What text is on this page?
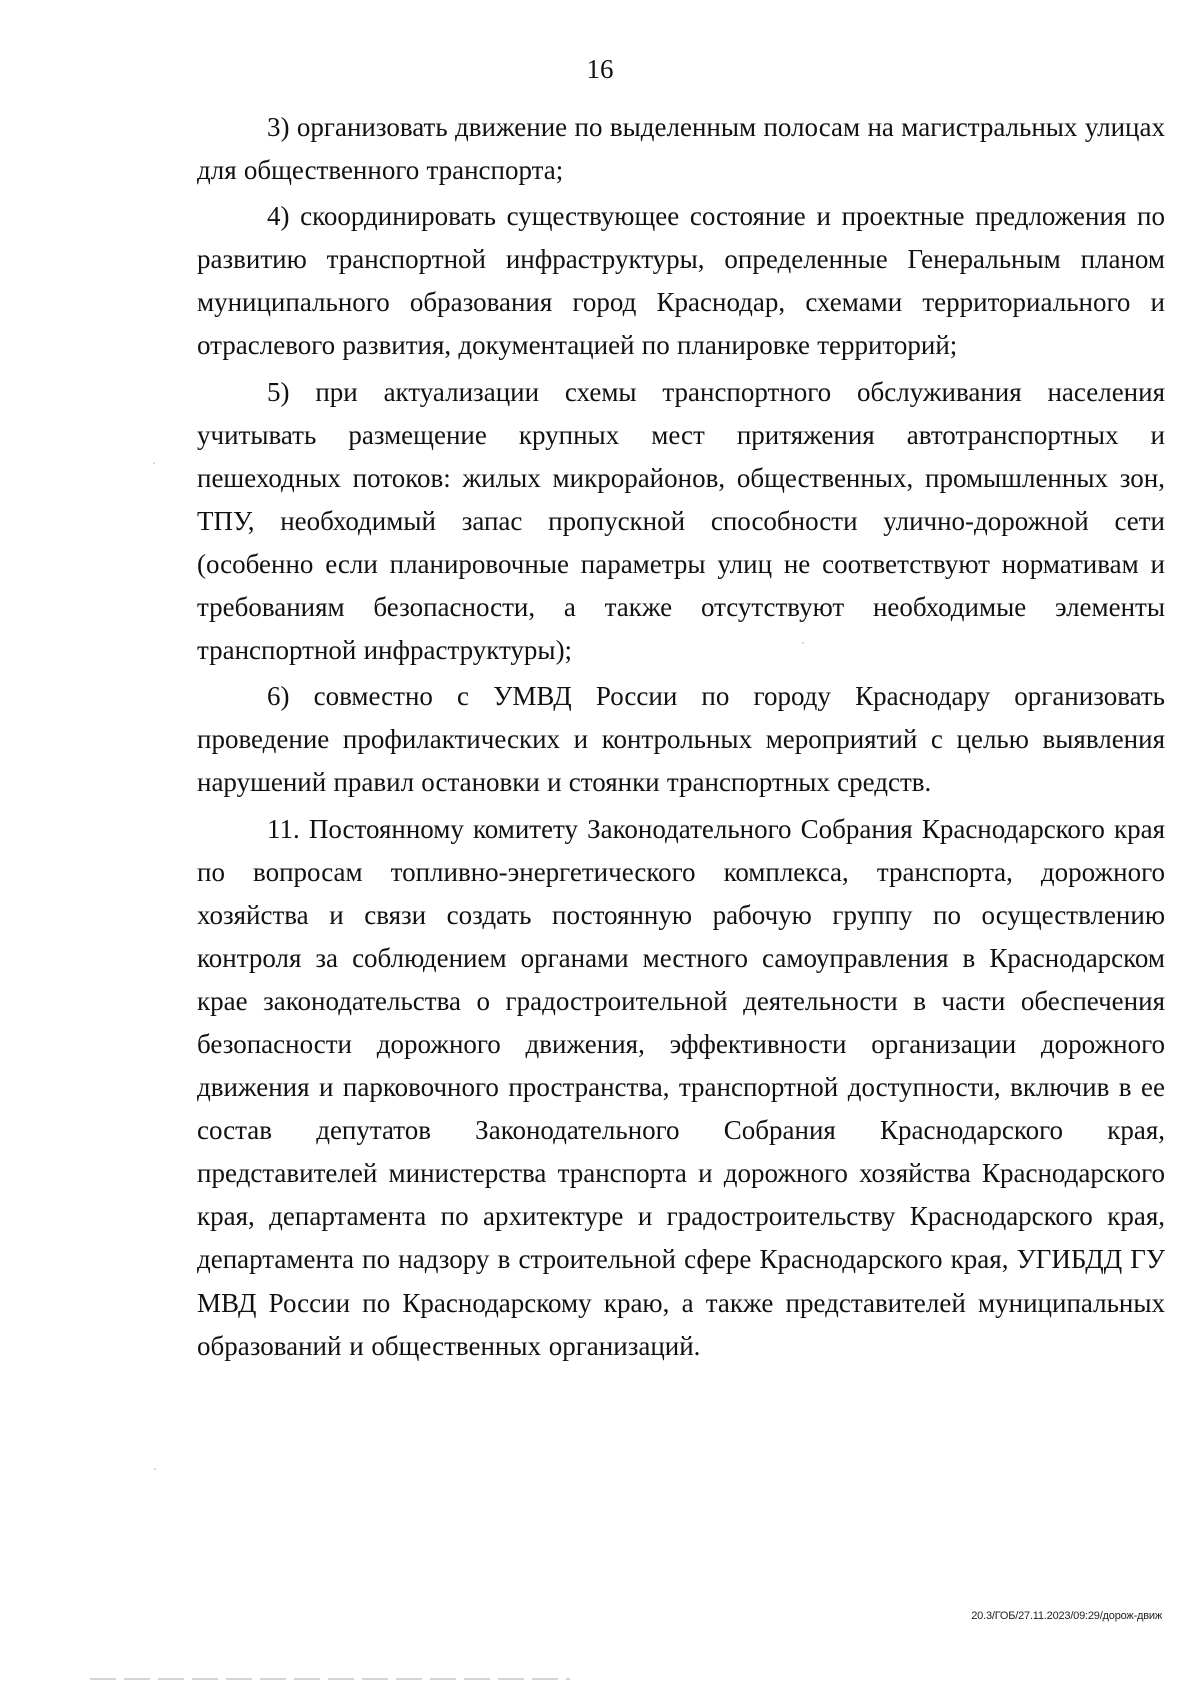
16

3) организовать движение по выделенным полосам на магистральных улицах для общественного транспорта;

4) скоординировать существующее состояние и проектные предложения по развитию транспортной инфраструктуры, определенные Генеральным планом муниципального образования город Краснодар, схемами территориального и отраслевого развития, документацией по планировке территорий;

5) при актуализации схемы транспортного обслуживания населения учитывать размещение крупных мест притяжения автотранспортных и пешеходных потоков: жилых микрорайонов, общественных, промышленных зон, ТПУ, необходимый запас пропускной способности улично-дорожной сети (особенно если планировочные параметры улиц не соответствуют нормативам и требованиям безопасности, а также отсутствуют необходимые элементы транспортной инфраструктуры);

6) совместно с УМВД России по городу Краснодару организовать проведение профилактических и контрольных мероприятий с целью выявления нарушений правил остановки и стоянки транспортных средств.

11. Постоянному комитету Законодательного Собрания Краснодарского края по вопросам топливно-энергетического комплекса, транспорта, дорожного хозяйства и связи создать постоянную рабочую группу по осуществлению контроля за соблюдением органами местного самоуправления в Краснодарском крае законодательства о градостроительной деятельности в части обеспечения безопасности дорожного движения, эффективности организации дорожного движения и парковочного пространства, транспортной доступности, включив в ее состав депутатов Законодательного Собрания Краснодарского края, представителей министерства транспорта и дорожного хозяйства Краснодарского края, департамента по архитектуре и градостроительству Краснодарского края, департамента по надзору в строительной сфере Краснодарского края, УГИБДД ГУ МВД России по Краснодарскому краю, а также представителей муниципальных образований и общественных организаций.

20.3/ГОБ/27.11.2023/09:29/дорож-движ
